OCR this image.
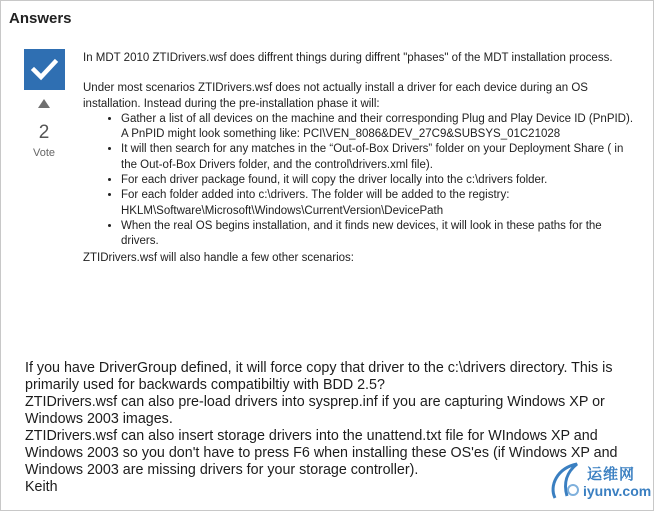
Answers
2
Vote

In MDT 2010 ZTIDrivers.wsf does diffrent things during diffrent "phases" of the MDT installation process.

Under most scenarios ZTIDrivers.wsf does not actually install a driver for each device during an OS installation. Instead during the pre-installation phase it will:

• Gather a list of all devices on the machine and their corresponding Plug and Play Device ID (PnPID).
A PnPID might look something like: PCI\VEN_8086&DEV_27C9&SUBSYS_01C21028
• It will then search for any matches in the “Out-of-Box Drivers” folder on your Deployment Share ( in the Out-of-Box Drivers folder, and the control\drivers.xml file).
• For each driver package found, it will copy the driver locally into the c:\drivers folder.
• For each folder added into c:\drivers. The folder will be added to the registry:
HKLM\Software\Microsoft\Windows\CurrentVersion\DevicePath
• When the real OS begins installation, and it finds new devices, it will look in these paths for the drivers.

ZTIDrivers.wsf will also handle a few other scenarios:

If you have DriverGroup defined, it will force copy that driver to the c:\drivers directory. This is primarily used for backwards compatibiltiy with BDD 2.5?

ZTIDrivers.wsf can also pre-load drivers into sysprep.inf if you are capturing Windows XP or Windows 2003 images.

ZTIDrivers.wsf can also insert storage drivers into the unattend.txt file for WIndows XP and Windows 2003 so you don't have to press F6 when installing these OS'es (if Windows XP and Windows 2003 are missing drivers for your storage controller).

Keith

运维网
iyunv.com
